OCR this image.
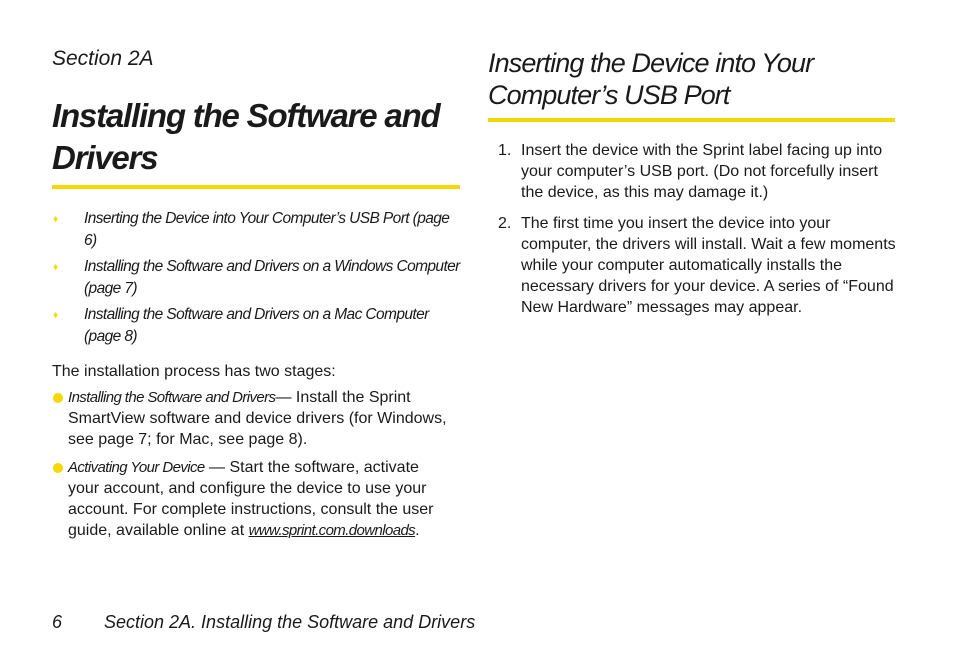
Section 2A
Installing the Software and Drivers
♦ Inserting the Device into Your Computer’s USB Port (page 6)
♦ Installing the Software and Drivers on a Windows Computer (page 7)
♦ Installing the Software and Drivers on a Mac Computer (page 8)

The installation process has two stages:

Installing the Software and Drivers— Install the Sprint SmartView software and device drivers (for Windows, see page 7; for Mac, see page 8).
Activating Your Device — Start the software, activate your account, and configure the device to use your account. For complete instructions, consult the user guide, available online at www.sprint.com.downloads.
Inserting the Device into Your Computer’s USB Port
1. Insert the device with the Sprint label facing up into your computer’s USB port. (Do not forcefully insert the device, as this may damage it.)
2. The first time you insert the device into your computer, the drivers will install. Wait a few moments while your computer automatically installs the necessary drivers for your device. A series of “Found New Hardware” messages may appear.
6 Section 2A. Installing the Software and Drivers
